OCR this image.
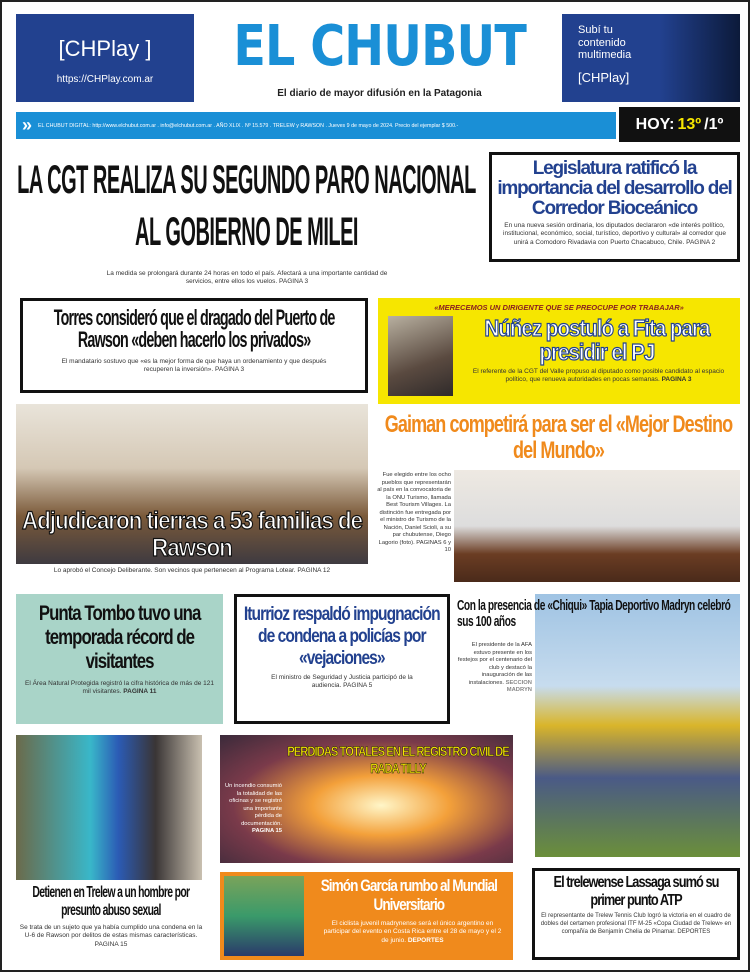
[CHPlay ]
https://CHPlay.com.ar
EL CHUBUT
El diario de mayor difusión en la Patagonia
Subí tu contenido multimedia
[CHPlay]
» EL CHUBUT DIGITAL: http://www.elchubut.com.ar . info@elchubut.com.ar . AÑO XLIX . Nº 15.579 . TRELEW y RAWSON . Jueves 9 de mayo de 2024. Precio del ejemplar $ 500.-	HOY: 13º /1º
LA CGT REALIZA SU SEGUNDO PARO NACIONAL AL GOBIERNO DE MILEI
La medida se prolongará durante 24 horas en todo el país. Afectará a una importante cantidad de servicios, entre ellos los vuelos. PAGINA 3
Legislatura ratificó la importancia del desarrollo del Corredor Bioceánico
En una nueva sesión ordinaria, los diputados declararon «de interés político, institucional, económico, social, turístico, deportivo y cultural» al corredor que unirá a Comodoro Rivadavia con Puerto Chacabuco, Chile. PAGINA 2
Torres consideró que el dragado del Puerto de Rawson «deben hacerlo los privados»
El mandatario sostuvo que «es la mejor forma de que haya un ordenamiento y que después recuperen la inversión». PAGINA 3
«MERECEMOS UN DIRIGENTE QUE SE PREOCUPE POR TRABAJAR»
Núñez postuló a Fita para presidir el PJ
El referente de la CGT del Valle propuso al diputado como posible candidato al espacio político, que renueva autoridades en pocas semanas. PAGINA 3
Adjudicaron tierras a 53 familias de Rawson
Lo aprobó el Concejo Deliberante. Son vecinos que pertenecen al Programa Lotear. PAGINA 12
Gaiman competirá para ser el «Mejor Destino del Mundo»
Fue elegido entre los ocho pueblos que representarán al país en la convocatoria de la ONU Turismo, llamada Best Tourism Villages. La distinción fue entregada por el ministro de Turismo de la Nación, Daniel Scioli, a su par chubutense, Diego Lagorio (foto). PAGINAS 6 y 10
Punta Tombo tuvo una temporada récord de visitantes
El Área Natural Protegida registró la cifra histórica de más de 121 mil visitantes. PAGINA 11
Iturrioz respaldó impugnación de condena a policías por «vejaciones»
El ministro de Seguridad y Justicia participó de la audiencia. PAGINA 5
Con la presencia de «Chiqui» Tapia Deportivo Madryn celebró sus 100 años
El presidente de la AFA estuvo presente en los festejos por el centenario del club y destacó la inauguración de las instalaciones. SECCION MADRYN
Detienen en Trelew a un hombre por presunto abuso sexual
Se trata de un sujeto que ya había cumplido una condena en la U-6 de Rawson por delitos de estas mismas características. PAGINA 15
PERDIDAS TOTALES EN EL REGISTRO CIVIL DE RADA TILLY
Un incendio consumió la totalidad de las oficinas y se registró una importante pérdida de documentación. PAGINA 15
Simón García rumbo al Mundial Universitario
El ciclista juvenil madrynense será el único argentino en participar del evento en Costa Rica entre el 28 de mayo y el 2 de junio. DEPORTES
El trelewense Lassaga sumó su primer punto ATP
El representante de Trelew Tennis Club logró la victoria en el cuadro de dobles del certamen profesional ITF M-25 «Copa Ciudad de Trelew» en compañía de Benjamín Chelia de Pinamar. DEPORTES
